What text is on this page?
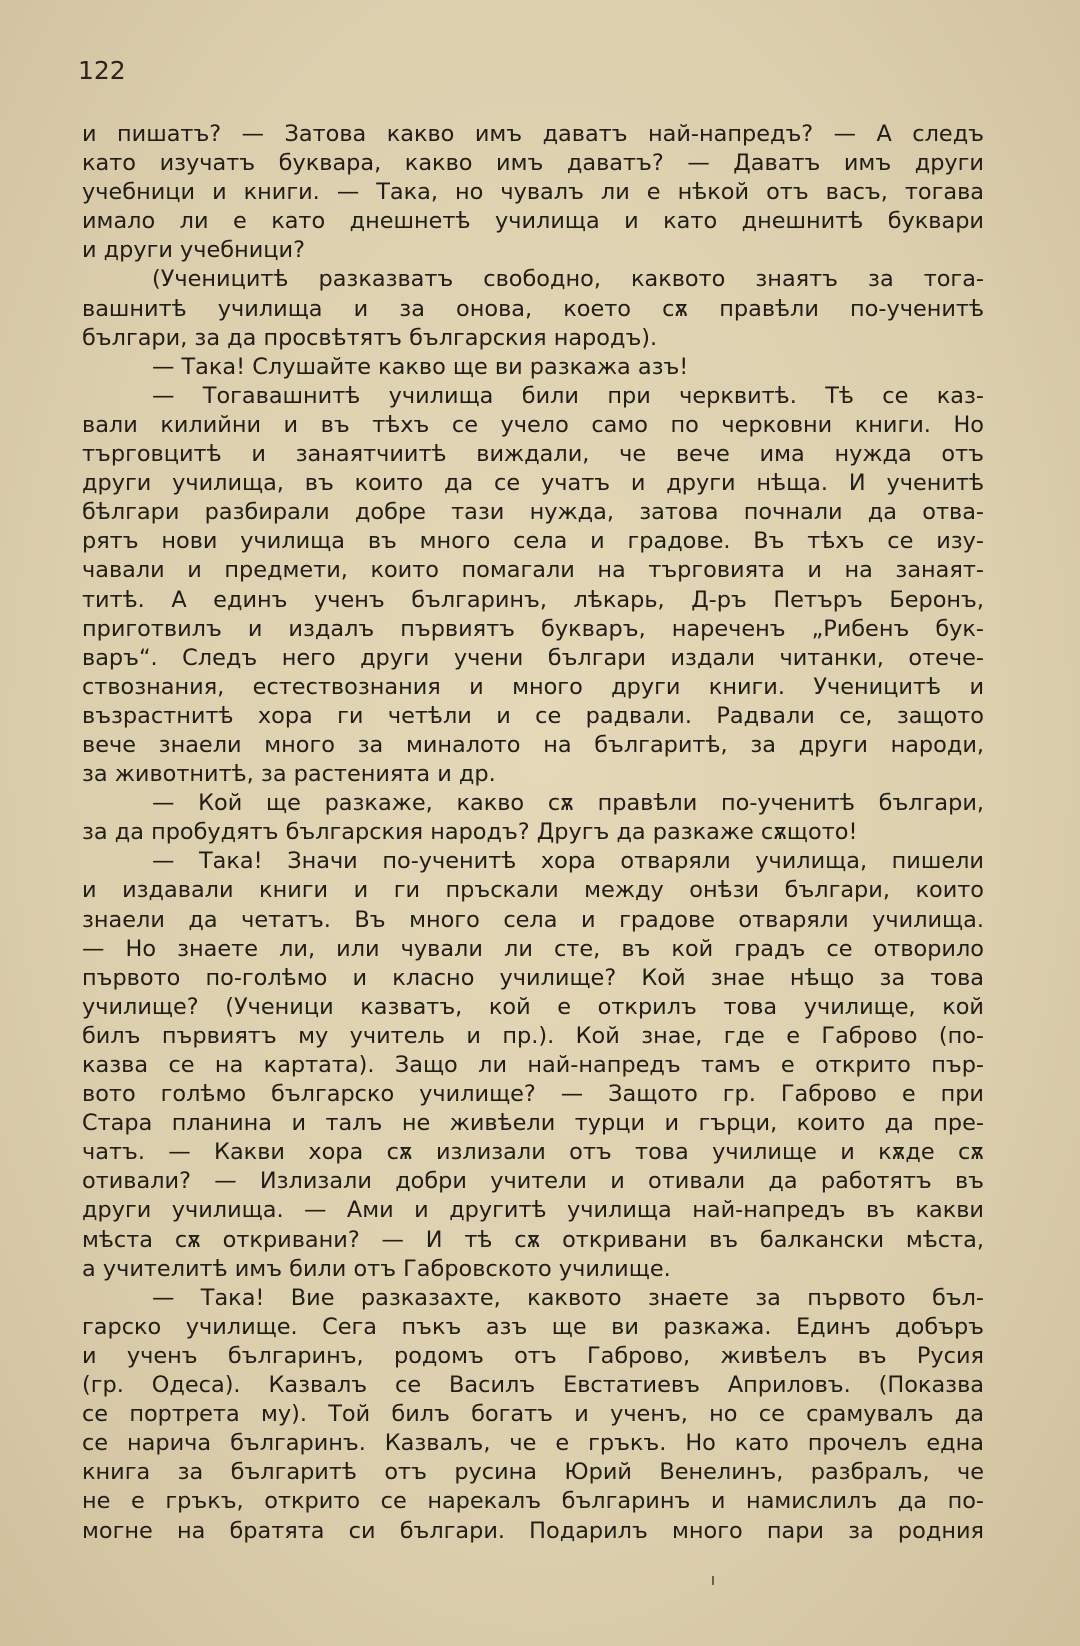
122
и пишатъ? — Затова какво имъ даватъ най-напредъ? — А следъ
като изучатъ буквара, какво имъ даватъ? — Даватъ имъ други
учебници и книги. — Така, но чувалъ ли е нѣкой отъ васъ, тогава
имало ли е като днешнетѣ училища и като днешнитѣ буквари
и други учебници?
(Ученицитѣ разказватъ свободно, каквото знаятъ за тога-
вашнитѣ училища и за онова, което сѫ правѣли по-ученитѣ
българи, за да просвѣтятъ българския народъ).
— Така! Слушайте какво ще ви разкажа азъ!
— Тогавашнитѣ училища били при черквитѣ. Тѣ се каз-
вали килийни и въ тѣхъ се учело само по черковни книги. Но
търговцитѣ и занаятчиитѣ виждали, че вече има нужда отъ
други училища, въ които да се учатъ и други нѣща. И ученитѣ
бѣлгари разбирали добре тази нужда, затова почнали да отва-
рятъ нови училища въ много села и градове. Въ тѣхъ се изу-
чавали и предмети, които помагали на търговията и на занаят-
титѣ. А единъ ученъ българинъ, лѣкарь, Д-ръ Петъръ Беронъ,
приготвилъ и издалъ първиятъ букваръ, нареченъ „Рибенъ бук-
варъ“. Следъ него други учени българи издали читанки, отече-
ствознания, естествознания и много други книги. Ученицитѣ и
възрастнитѣ хора ги четѣли и се радвали. Радвали се, защото
вече знаели много за миналото на българитѣ, за други народи,
за животнитѣ, за растенията и др.
— Кой ще разкаже, какво сѫ правѣли по-ученитѣ българи,
за да пробудятъ българския народъ? Другъ да разкаже сѫщото!
— Така! Значи по-ученитѣ хора отваряли училища, пишели
и издавали книги и ги пръскали между онѣзи българи, които
знаели да четатъ. Въ много села и градове отваряли училища.
— Но знаете ли, или чували ли сте, въ кой градъ се отворило
първото по-голѣмо и класно училище? Кой знае нѣщо за това
училище? (Ученици казватъ, кой е открилъ това училище, кой
билъ първиятъ му учитель и пр.). Кой знае, где е Габрово (по-
казва се на картата). Защо ли най-напредъ тамъ е открито пър-
вото голѣмо българско училище? — Защото гр. Габрово е при
Стара планина и талъ не живѣели турци и гърци, които да пре-
чатъ. — Какви хора сѫ излизали отъ това училище и кѫде сѫ
отивали? — Излизали добри учители и отивали да работятъ въ
други училища. — Ами и другитѣ училища най-напредъ въ какви
мѣста сѫ откривани? — И тѣ сѫ откривани въ балкански мѣста,
а учителитѣ имъ били отъ Габровското училище.
— Така! Вие разказахте, каквото знаете за първото бъл-
гарско училище. Сега пъкъ азъ ще ви разкажа. Единъ добъръ
и ученъ българинъ, родомъ отъ Габрово, живѣелъ въ Русия
(гр. Одеса). Казвалъ се Василъ Евстатиевъ Априловъ. (Показва
се портрета му). Той билъ богатъ и ученъ, но се срамувалъ да
се нарича българинъ. Казвалъ, че е гръкъ. Но като прочелъ една
книга за българитѣ отъ русина Юрий Венелинъ, разбралъ, че
не е гръкъ, открито се нарекалъ българинъ и намислилъ да по-
могне на братята си българи. Подарилъ много пари за родния
